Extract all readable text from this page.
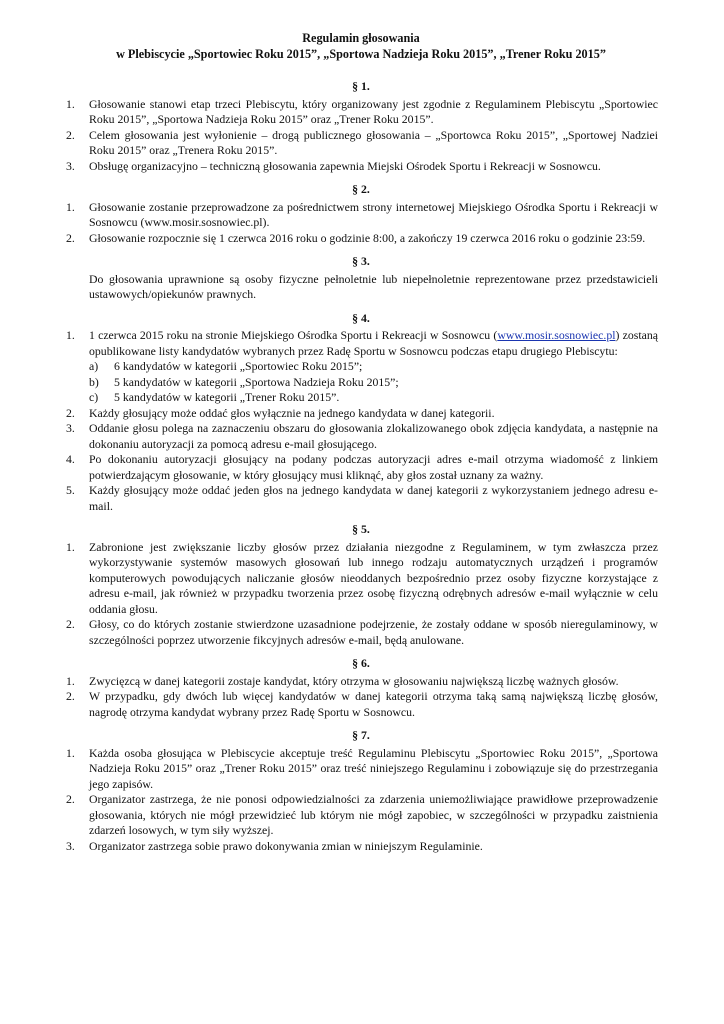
Regulamin głosowania
w Plebiscycie „Sportowiec Roku 2015”, „Sportowa Nadzieja Roku 2015”, „Trener Roku 2015”
§ 1.
1. Głosowanie stanowi etap trzeci Plebiscytu, który organizowany jest zgodnie z Regulaminem Plebiscytu „Sportowiec Roku 2015”, „Sportowa Nadzieja Roku 2015” oraz „Trener Roku 2015”.
2. Celem głosowania jest wyłonienie – drogą publicznego głosowania – „Sportowca Roku 2015”, „Sportowej Nadziei Roku 2015” oraz „Trenera Roku 2015”.
3. Obsługę organizacyjno – techniczną głosowania zapewnia Miejski Ośrodek Sportu i Rekreacji w Sosnowcu.
§ 2.
1. Głosowanie zostanie przeprowadzone za pośrednictwem strony internetowej Miejskiego Ośrodka Sportu i Rekreacji w Sosnowcu (www.mosir.sosnowiec.pl).
2. Głosowanie rozpocznie się 1 czerwca 2016 roku o godzinie 8:00, a zakończy 19 czerwca 2016 roku o godzinie 23:59.
§ 3.
Do głosowania uprawnione są osoby fizyczne pełnoletnie lub niepełnoletnie reprezentowane przez przedstawicieli ustawowych/opiekunów prawnych.
§ 4.
1. 1 czerwca 2015 roku na stronie Miejskiego Ośrodka Sportu i Rekreacji w Sosnowcu (www.mosir.sosnowiec.pl) zostaną opublikowane listy kandydatów wybranych przez Radę Sportu w Sosnowcu podczas etapu drugiego Plebiscytu:
a) 6 kandydatów w kategorii „Sportowiec Roku 2015”;
b) 5 kandydatów w kategorii „Sportowa Nadzieja Roku 2015”;
c) 5 kandydatów w kategorii „Trener Roku 2015”.
2. Każdy głosujący może oddać głos wyłącznie na jednego kandydata w danej kategorii.
3. Oddanie głosu polega na zaznaczeniu obszaru do głosowania zlokalizowanego obok zdjęcia kandydata, a następnie na dokonaniu autoryzacji za pomocą adresu e-mail głosującego.
4. Po dokonaniu autoryzacji głosujący na podany podczas autoryzacji adres e-mail otrzyma wiadomość z linkiem potwierdzającym głosowanie, w który głosujący musi kliknąć, aby głos został uznany za ważny.
5. Każdy głosujący może oddać jeden głos na jednego kandydata w danej kategorii z wykorzystaniem jednego adresu e-mail.
§ 5.
1. Zabronione jest zwiększanie liczby głosów przez działania niezgodne z Regulaminem, w tym zwłaszcza przez wykorzystywanie systemów masowych głosowań lub innego rodzaju automatycznych urządzeń i programów komputerowych powodujących naliczanie głosów nieoddanych bezpośrednio przez osoby fizyczne korzystające z adresu e-mail, jak również w przypadku tworzenia przez osobę fizyczną odrębnych adresów e-mail wyłącznie w celu oddania głosu.
2. Głosy, co do których zostanie stwierdzone uzasadnione podejrzenie, że zostały oddane w sposób nieregulaminowy, w szczególności poprzez utworzenie fikcyjnych adresów e-mail, będą anulowane.
§ 6.
1. Zwycięzcą w danej kategorii zostaje kandydat, który otrzyma w głosowaniu największą liczbę ważnych głosów.
2. W przypadku, gdy dwóch lub więcej kandydatów w danej kategorii otrzyma taką samą największą liczbę głosów, nagrodę otrzyma kandydat wybrany przez Radę Sportu w Sosnowcu.
§ 7.
1. Każda osoba głosująca w Plebiscycie akceptuje treść Regulaminu Plebiscytu „Sportowiec Roku 2015”, „Sportowa Nadzieja Roku 2015” oraz „Trener Roku 2015” oraz treść niniejszego Regulaminu i zobowiązuje się do przestrzegania jego zapisów.
2. Organizator zastrzega, że nie ponosi odpowiedzialności za zdarzenia uniemożliwiające prawidłowe przeprowadzenie głosowania, których nie mógł przewidzieć lub którym nie mógł zapobiec, w szczególności w przypadku zaistnienia zdarzeń losowych, w tym siły wyższej.
3. Organizator zastrzega sobie prawo dokonywania zmian w niniejszym Regulaminie.
